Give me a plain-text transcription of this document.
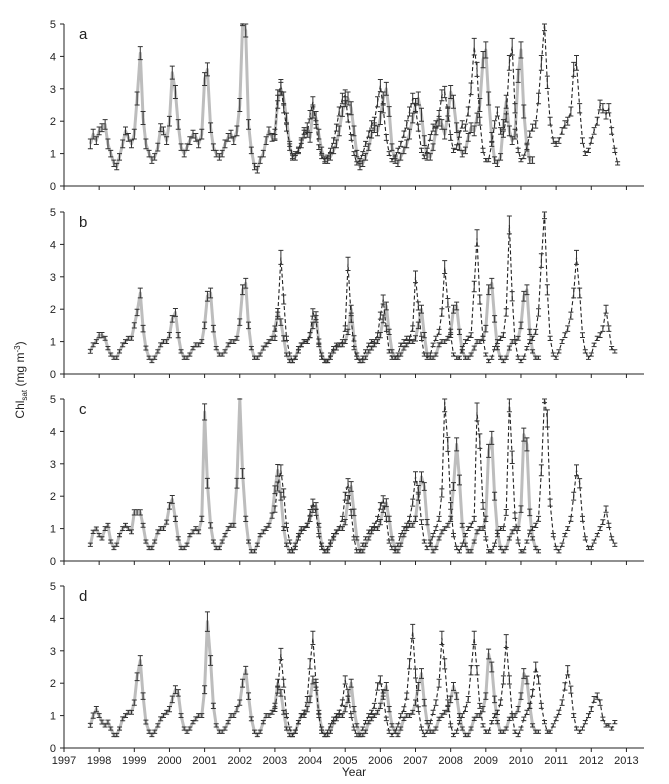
0
1
2
3
4
5
a
0
1
2
3
4
5
b
0
1
2
3
4
5
c
0
1
2
3
4
5
d
1997 1998 1999 2000 2001 2002 2003 2004 2005 2006 2007 2008 2009 2010 2011 2012 2013
Year
Chl$_{sat}$ (mg $m^{-3}$)
